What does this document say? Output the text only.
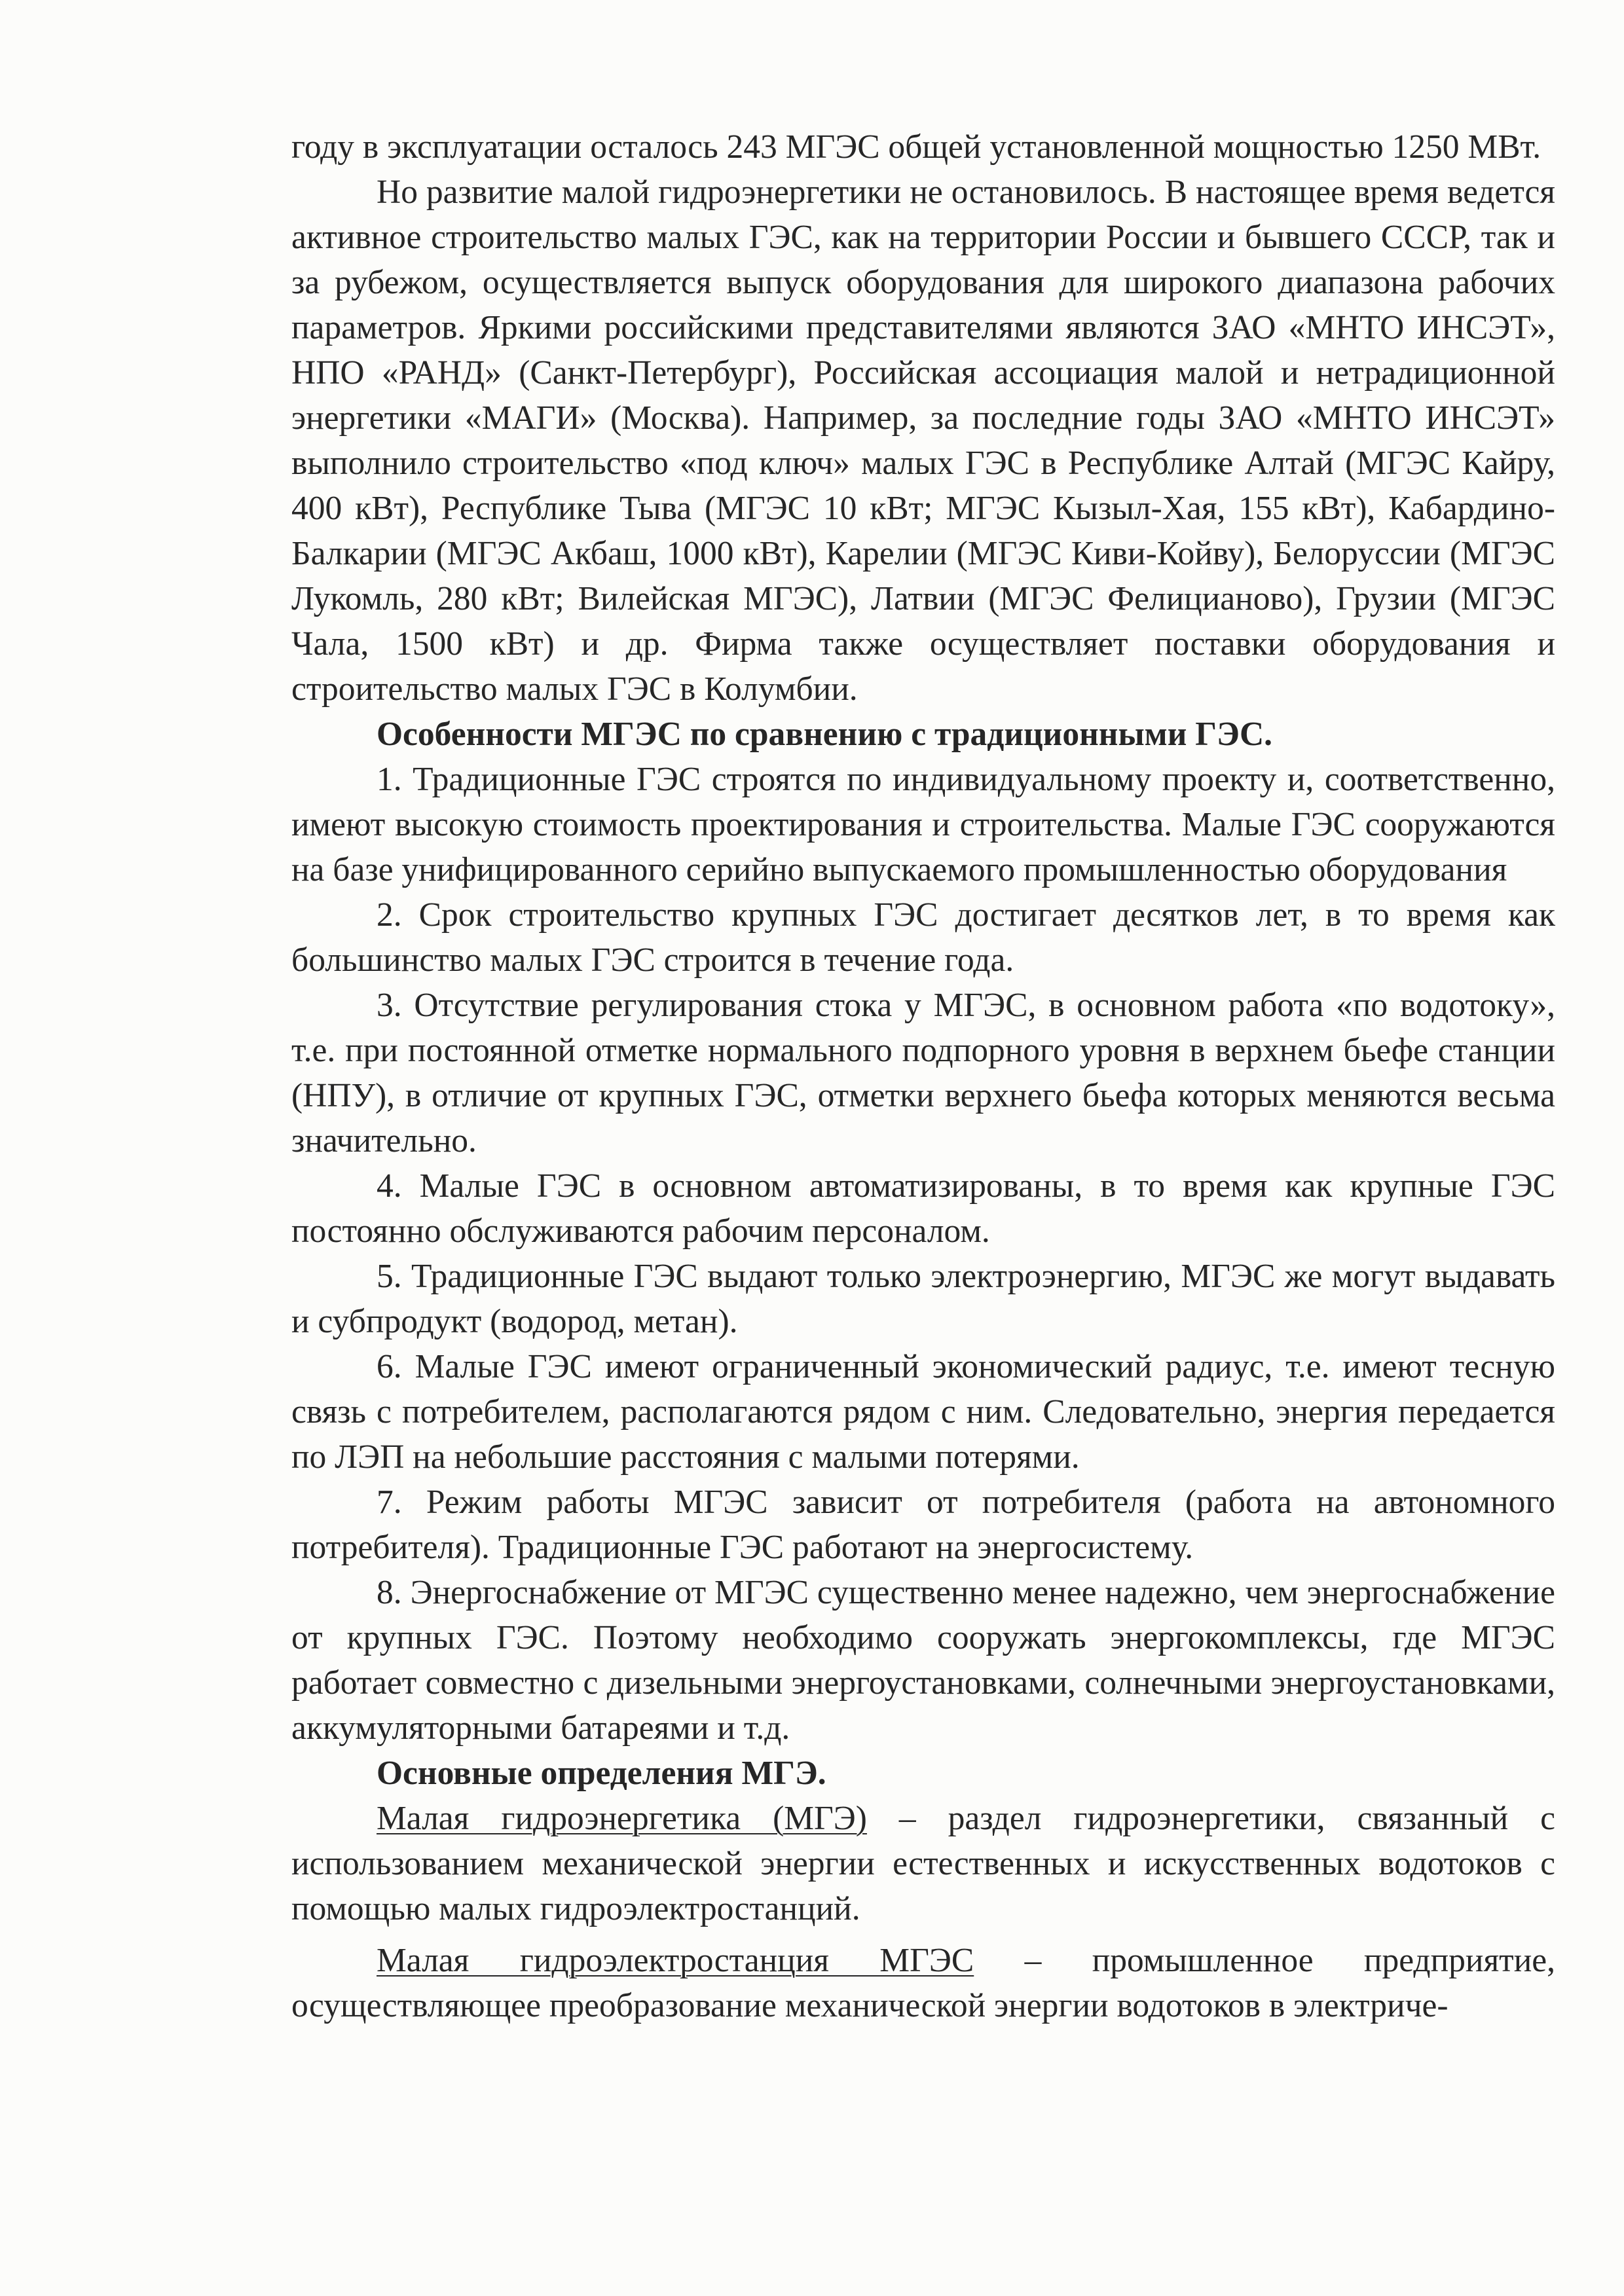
году в эксплуатации осталось 243 МГЭС общей установленной мощностью 1250 МВт.

Но развитие малой гидроэнергетики не остановилось. В настоящее время ведется активное строительство малых ГЭС, как на территории России и бывшего СССР, так и за рубежом, осуществляется выпуск оборудования для широкого диапазона рабочих параметров. Яркими российскими представителями являются ЗАО «МНТО ИНСЭТ», НПО «РАНД» (Санкт-Петербург), Российская ассоциация малой и нетрадиционной энергетики «МАГИ» (Москва). Например, за последние годы ЗАО «МНТО ИНСЭТ» выполнило строительство «под ключ» малых ГЭС в Республике Алтай (МГЭС Кайру, 400 кВт), Республике Тыва (МГЭС 10 кВт; МГЭС Кызыл-Хая, 155 кВт), Кабардино-Балкарии (МГЭС Акбаш, 1000 кВт), Карелии (МГЭС Киви-Койву), Белоруссии (МГЭС Лукомль, 280 кВт; Вилейская МГЭС), Латвии (МГЭС Фелицианово), Грузии (МГЭС Чала, 1500 кВт) и др. Фирма также осуществляет поставки оборудования и строительство малых ГЭС в Колумбии.

Особенности МГЭС по сравнению с традиционными ГЭС.

1. Традиционные ГЭС строятся по индивидуальному проекту и, соответственно, имеют высокую стоимость проектирования и строительства. Малые ГЭС сооружаются на базе унифицированного серийно выпускаемого промышленностью оборудования

2. Срок строительство крупных ГЭС достигает десятков лет, в то время как большинство малых ГЭС строится в течение года.

3. Отсутствие регулирования стока у МГЭС, в основном работа «по водотоку», т.е. при постоянной отметке нормального подпорного уровня в верхнем бьефе станции (НПУ), в отличие от крупных ГЭС, отметки верхнего бьефа которых меняются весьма значительно.

4. Малые ГЭС в основном автоматизированы, в то время как крупные ГЭС постоянно обслуживаются рабочим персоналом.

5. Традиционные ГЭС выдают только электроэнергию, МГЭС же могут выдавать и субпродукт (водород, метан).

6. Малые ГЭС имеют ограниченный экономический радиус, т.е. имеют тесную связь с потребителем, располагаются рядом с ним. Следовательно, энергия передается по ЛЭП на небольшие расстояния с малыми потерями.

7. Режим работы МГЭС зависит от потребителя (работа на автономного потребителя). Традиционные ГЭС работают на энергосистему.

8. Энергоснабжение от МГЭС существенно менее надежно, чем энергоснабжение от крупных ГЭС. Поэтому необходимо сооружать энергокомплексы, где МГЭС работает совместно с дизельными энергоустановками, солнечными энергоустановками, аккумуляторными батареями и т.д.

Основные определения МГЭ.

Малая гидроэнергетика (МГЭ) – раздел гидроэнергетики, связанный с использованием механической энергии естественных и искусственных водотоков с помощью малых гидроэлектростанций.

Малая гидроэлектростанция МГЭС – промышленное предприятие, осуществляющее преобразование механической энергии водотоков в электриче-
